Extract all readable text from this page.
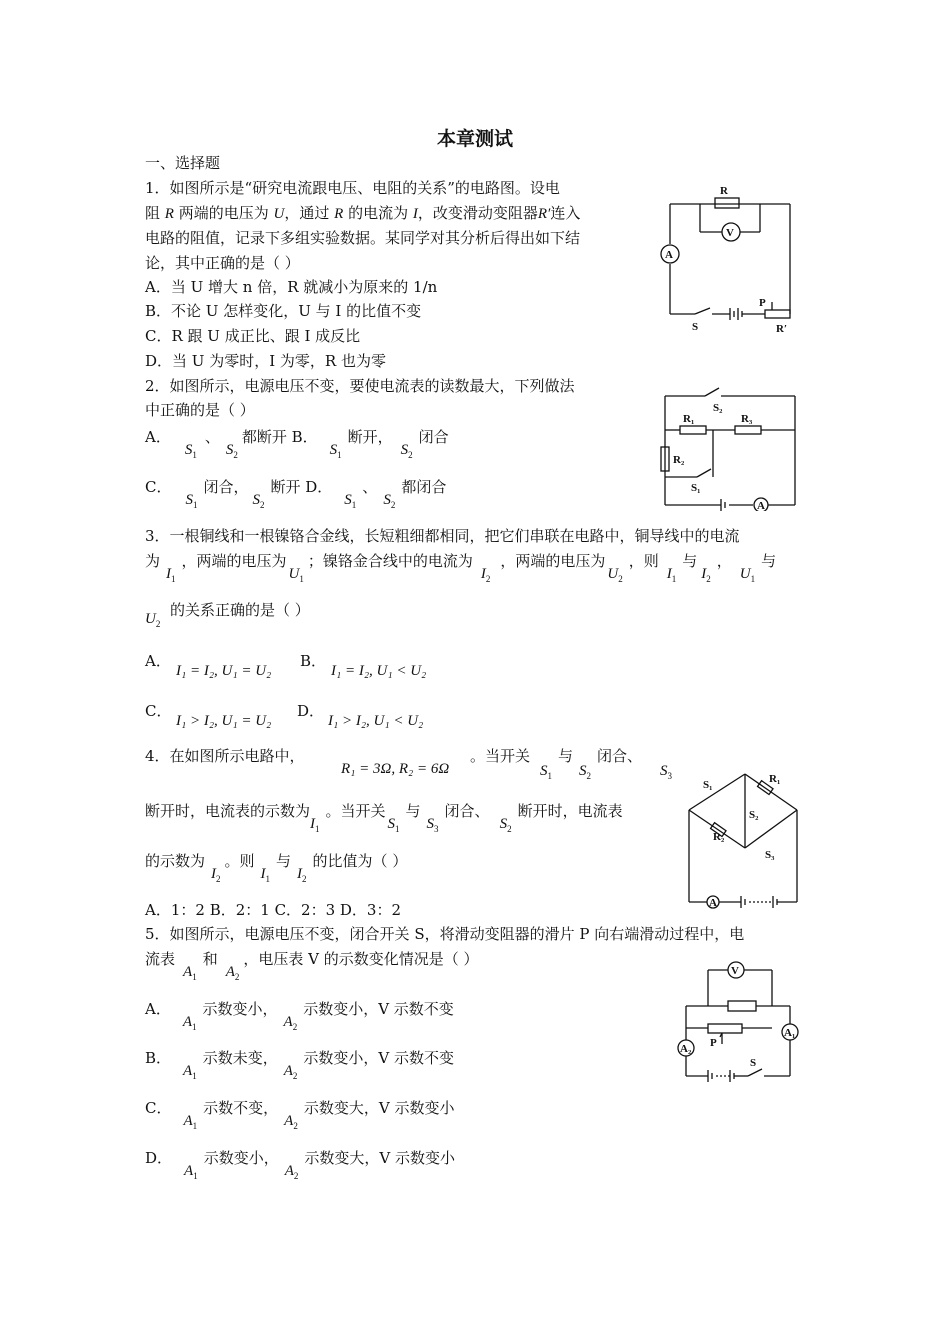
本章测试
一、选择题
1．如图所示是“研究电流跟电压、电阻的关系”的电路图。设电
阻 R 两端的电压为 U，通过 R 的电流为 I，改变滑动变阻器R′连入
电路的阻值，记录下多组实验数据。某同学对其分析后得出如下结
论，其中正确的是（ ）
A．当 U 增大 n 倍，R 就减小为原来的 1/n
B．不论 U 怎样变化，U 与 I 的比值不变
C．R 跟 U 成正比、跟 I 成反比
D．当 U 为零时，I 为零，R 也为零
A
R
V
P
S	R′
2．如图所示，电源电压不变，要使电流表的读数最大，下列做法
中正确的是（ ）
A．$S_1$、$S_2$都断开 B．$S_1$断开，$S_2$闭合
C．$S_1$闭合，$S_2$断开 D．$S_1$、$S_2$都闭合
S₂
R₁	R₃
R₂
S₁
A
3．一根铜线和一根镍铬合金线，长短粗细都相同，把它们串联在电路中，铜导线中的电流
为$I_1$，两端的电压为$U_1$；镍铬金合线中的电流为$I_2$，两端的电压为$U_2$，则$I_1$与$I_2$，$U_1$与
$U_2$
的关系正确的是（ ）
A．
I₁ = I₂, U₁ = U₂
B．
I₁ = I₂, U₁ < U₂
C．
I₁ > I₂, U₁ = U₂
D．
I₁ > I₂, U₁ < U₂
4．在如图所示电路中，
R₁ = 3Ω, R₂ = 6Ω
。当开关$S_1$与$S_2$闭合、$S_3$
断开时，电流表的示数为$I_1$。当开关$S_1$与$S_3$闭合、$S_2$断开时，电流表
的示数为$I_2$。则$I_1$与$I_2$的比值为（ ）
A．1：2 B．2：1 C．2：3 D．3：2
S₁	R₁
S₂
R₂
S₃
A
5．如图所示，电源电压不变，闭合开关 S，将滑动变阻器的滑片 P 向右端滑动过程中，电
流表$A_1$和$A_2$，电压表 V 的示数变化情况是（ ）
A．$A_1$示数变小，$A_2$示数变小，V 示数不变
B．$A_1$示数未变，$A_2$示数变小，V 示数不变
C．$A_1$示数不变，$A_2$示数变大，V 示数变小
D．$A_1$示数变小，$A_2$示数变大，V 示数变小
V
A₁
A₂ P
S
